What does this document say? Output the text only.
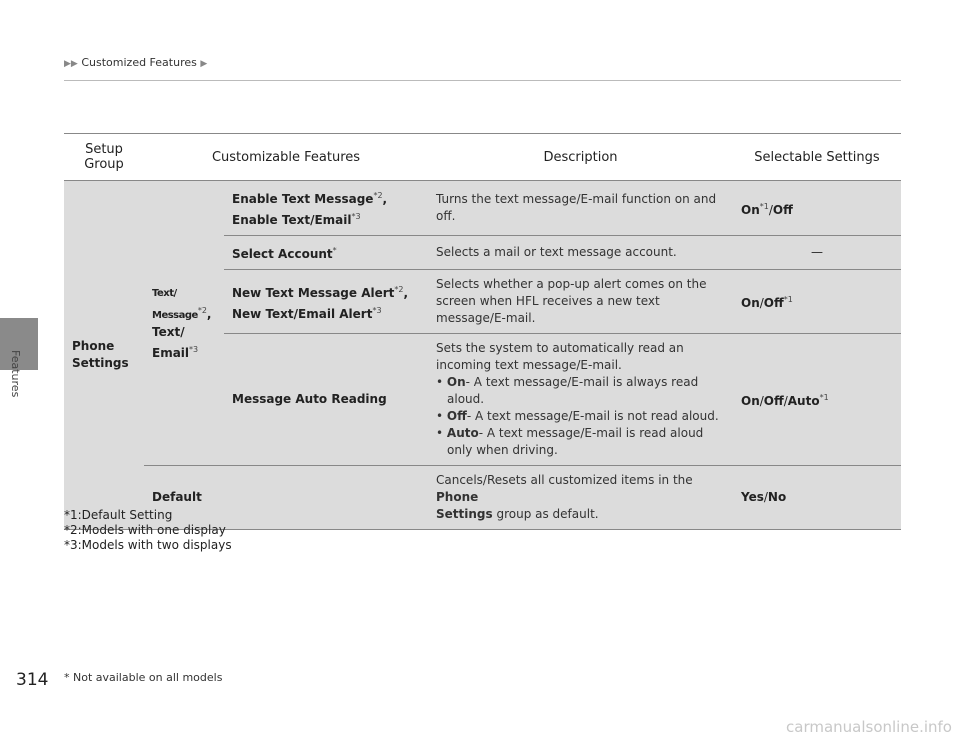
▶▶ Customized Features ▶
Features
Setup Group	Customizable Features		Description	Selectable Settings
Phone Settings	Text/
Message$^{*2}$,
Text/
Email$^{*3}$	Enable Text Message$^{*2}$,
Enable Text/Email$^{*3}$	Turns the text message/E-mail function on and off.	On$^{*1}$/Off
		Select Account*	Selects a mail or text message account.	—
		New Text Message Alert$^{*2}$,
New Text/Email Alert$^{*3}$	Selects whether a pop-up alert comes on the screen when HFL receives a new text message/E-mail.	On/Off$^{*1}$
		Message Auto Reading	Sets the system to automatically read an incoming text message/E-mail.
• On- A text message/E-mail is always read aloud.
• Off- A text message/E-mail is not read aloud.
• Auto- A text message/E-mail is read aloud only when driving.	On/Off/Auto$^{*1}$
	Default		Cancels/Resets all customized items in the Phone
Settings group as default.	Yes/No
*1:Default Setting
*2:Models with one display
*3:Models with two displays
314 * Not available on all models
carmanualsonline.info
